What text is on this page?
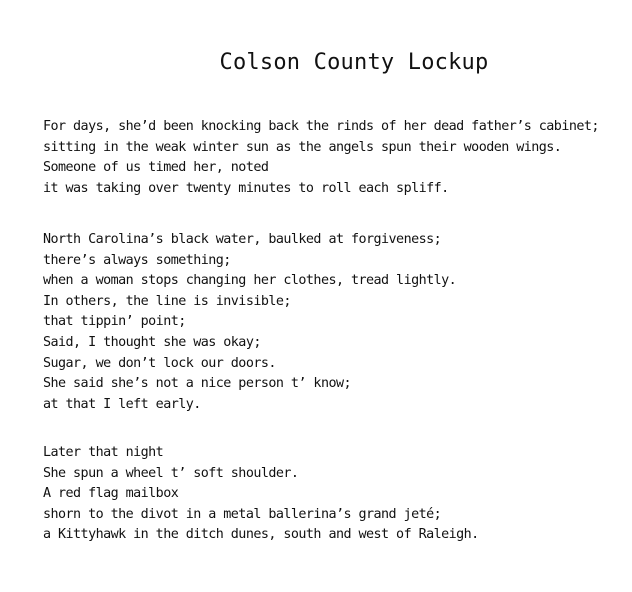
Colson County Lockup
For days, she’d been knocking back the rinds of her dead father’s cabinet;
sitting in the weak winter sun as the angels spun their wooden wings.
Someone of us timed her, noted
it was taking over twenty minutes to roll each spliff.
North Carolina’s black water, baulked at forgiveness;
there’s always something;
when a woman stops changing her clothes, tread lightly.
In others, the line is invisible;
that tippin’ point;
Said, I thought she was okay;
Sugar, we don’t lock our doors.
She said she’s not a nice person t’ know;
at that I left early.
Later that night
She spun a wheel t’ soft shoulder.
A red flag mailbox
shorn to the divot in a metal ballerina’s grand jeté;
a Kittyhawk in the ditch dunes, south and west of Raleigh.
